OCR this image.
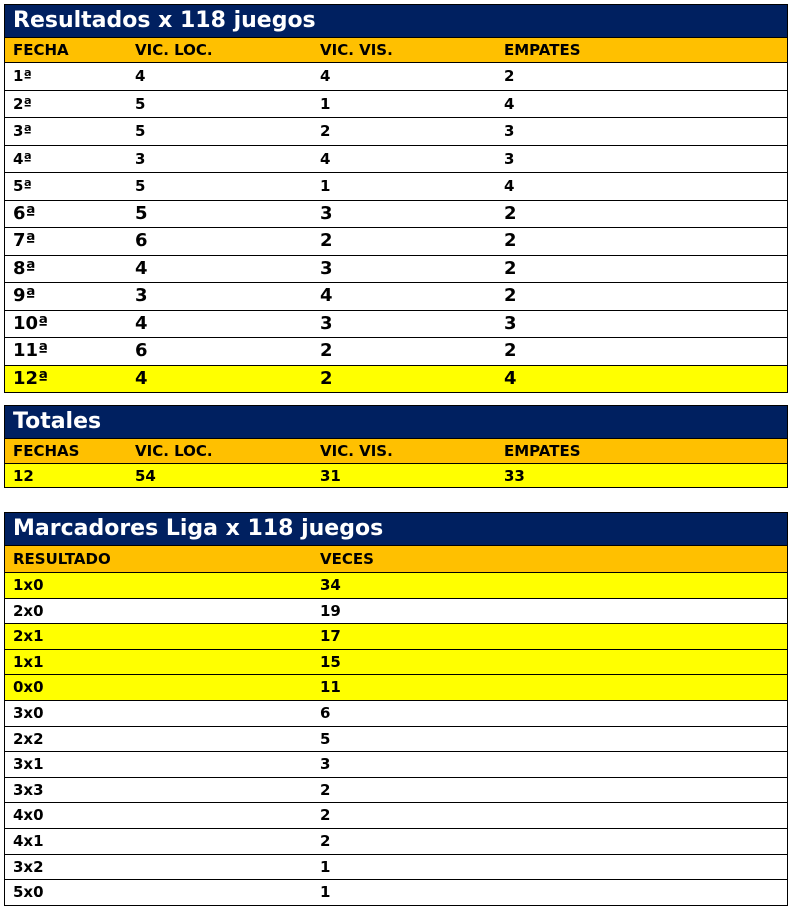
Resultados x 118 juegos
FECHA	VIC. LOC.	VIC. VIS.	EMPATES
1ª	4	4	2
2ª	5	1	4
3ª	5	2	3
4ª	3	4	3
5ª	5	1	4
6ª	5	3	2
7ª	6	2	2
8ª	4	3	2
9ª	3	4	2
10ª	4	3	3
11ª	6	2	2
12ª	4	2	4
Totales
FECHAS	VIC. LOC.	VIC. VIS.	EMPATES
12	54	31	33
Marcadores Liga x 118 juegos
RESULTADO	VECES
1x0	34
2x0	19
2x1	17
1x1	15
0x0	11
3x0	6
2x2	5
3x1	3
3x3	2
4x0	2
4x1	2
3x2	1
5x0	1
